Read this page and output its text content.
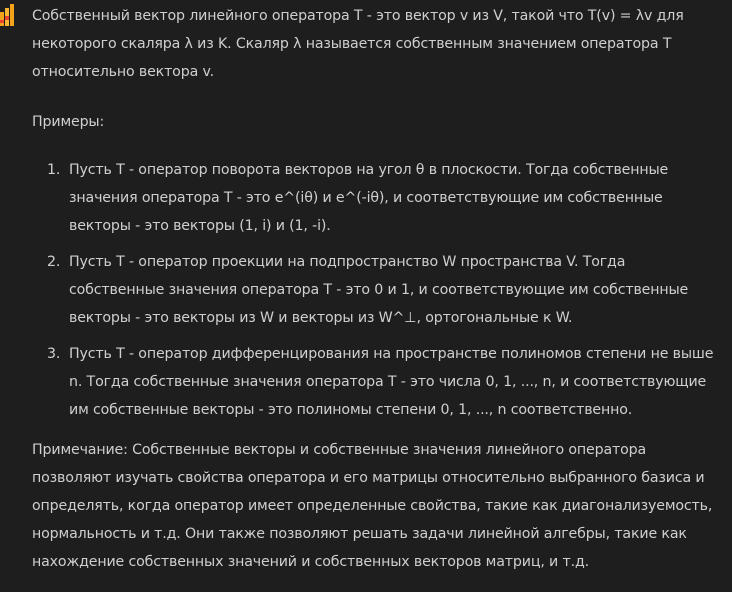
Собственный вектор линейного оператора T - это вектор v из V, такой что T(v) = λv для некоторого скаляра λ из K. Скаляр λ называется собственным значением оператора T относительно вектора v.

Примеры:

1. Пусть T - оператор поворота векторов на угол θ в плоскости. Тогда собственные значения оператора T - это e^(iθ) и e^(-iθ), и соответствующие им собственные векторы - это векторы (1, i) и (1, -i).
2. Пусть T - оператор проекции на подпространство W пространства V. Тогда собственные значения оператора T - это 0 и 1, и соответствующие им собственные векторы - это векторы из W и векторы из W^⊥, ортогональные к W.
3. Пусть T - оператор дифференцирования на пространстве полиномов степени не выше n. Тогда собственные значения оператора T - это числа 0, 1, ..., n, и соответствующие им собственные векторы - это полиномы степени 0, 1, ..., n соответственно.

Примечание: Собственные векторы и собственные значения линейного оператора позволяют изучать свойства оператора и его матрицы относительно выбранного базиса и определять, когда оператор имеет определенные свойства, такие как диагонализуемость, нормальность и т.д. Они также позволяют решать задачи линейной алгебры, такие как нахождение собственных значений и собственных векторов матриц, и т.д.
